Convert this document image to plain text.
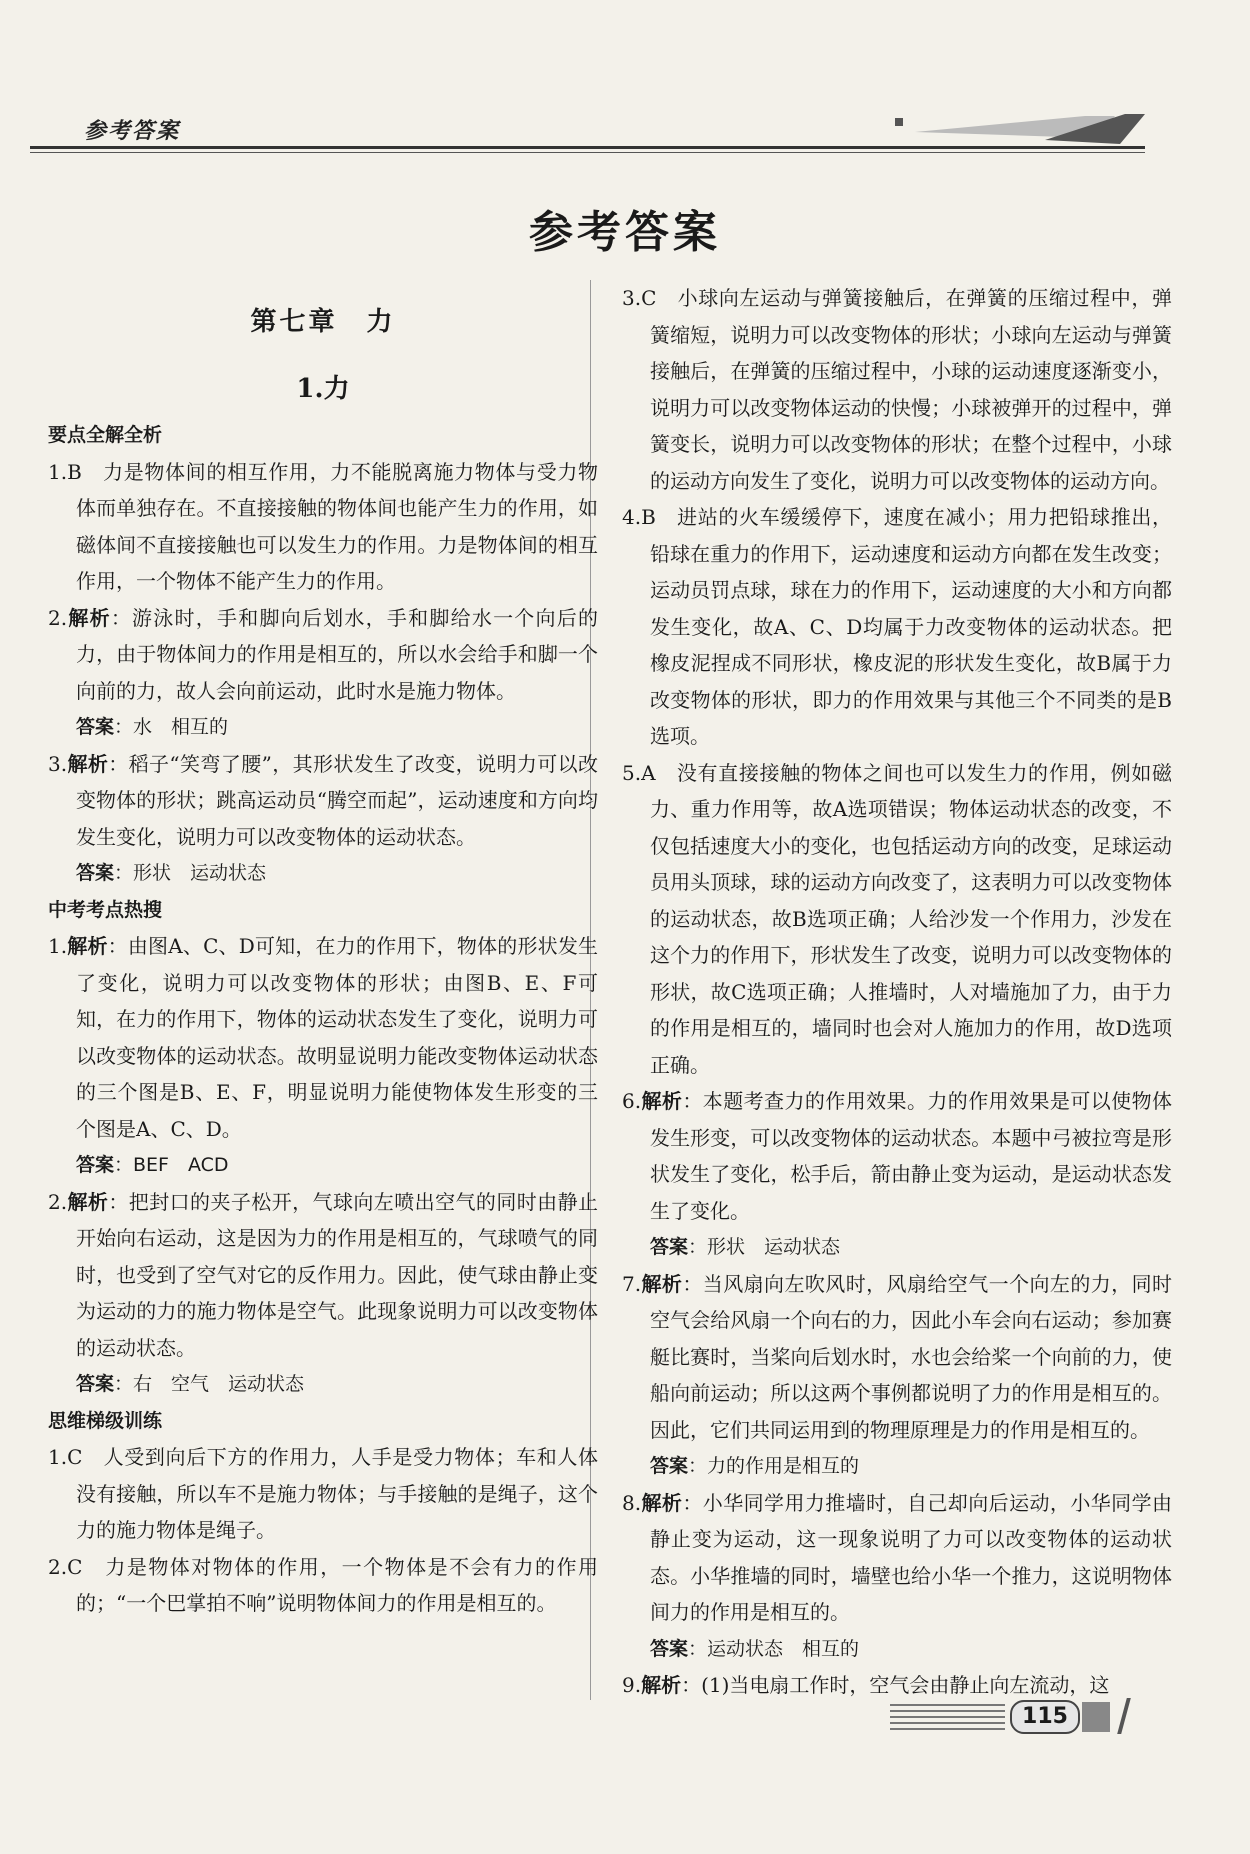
参考答案
参考答案
第七章　力
1.力
要点全解全析
1.B　力是物体间的相互作用，力不能脱离施力物体与受力物体而单独存在。不直接接触的物体间也能产生力的作用，如磁体间不直接接触也可以发生力的作用。力是物体间的相互作用，一个物体不能产生力的作用。
2.解析：游泳时，手和脚向后划水，手和脚给水一个向后的力，由于物体间力的作用是相互的，所以水会给手和脚一个向前的力，故人会向前运动，此时水是施力物体。
答案：水　相互的
3.解析：稻子“笑弯了腰”，其形状发生了改变，说明力可以改变物体的形状；跳高运动员“腾空而起”，运动速度和方向均发生变化，说明力可以改变物体的运动状态。
答案：形状　运动状态
中考考点热搜
1.解析：由图A、C、D可知，在力的作用下，物体的形状发生了变化，说明力可以改变物体的形状；由图B、E、F可知，在力的作用下，物体的运动状态发生了变化，说明力可以改变物体的运动状态。故明显说明力能改变物体运动状态的三个图是B、E、F，明显说明力能使物体发生形变的三个图是A、C、D。
答案：BEF　ACD
2.解析：把封口的夹子松开，气球向左喷出空气的同时由静止开始向右运动，这是因为力的作用是相互的，气球喷气的同时，也受到了空气对它的反作用力。因此，使气球由静止变为运动的力的施力物体是空气。此现象说明力可以改变物体的运动状态。
答案：右　空气　运动状态
思维梯级训练
1.C　人受到向后下方的作用力，人手是受力物体；车和人体没有接触，所以车不是施力物体；与手接触的是绳子，这个力的施力物体是绳子。
2.C　力是物体对物体的作用，一个物体是不会有力的作用的；“一个巴掌拍不响”说明物体间力的作用是相互的。
3.C　小球向左运动与弹簧接触后，在弹簧的压缩过程中，弹簧缩短，说明力可以改变物体的形状；小球向左运动与弹簧接触后，在弹簧的压缩过程中，小球的运动速度逐渐变小，说明力可以改变物体运动的快慢；小球被弹开的过程中，弹簧变长，说明力可以改变物体的形状；在整个过程中，小球的运动方向发生了变化，说明力可以改变物体的运动方向。
4.B　进站的火车缓缓停下，速度在减小；用力把铅球推出，铅球在重力的作用下，运动速度和运动方向都在发生改变；运动员罚点球，球在力的作用下，运动速度的大小和方向都发生变化，故A、C、D均属于力改变物体的运动状态。把橡皮泥捏成不同形状，橡皮泥的形状发生变化，故B属于力改变物体的形状，即力的作用效果与其他三个不同类的是B选项。
5.A　没有直接接触的物体之间也可以发生力的作用，例如磁力、重力作用等，故A选项错误；物体运动状态的改变，不仅包括速度大小的变化，也包括运动方向的改变，足球运动员用头顶球，球的运动方向改变了，这表明力可以改变物体的运动状态，故B选项正确；人给沙发一个作用力，沙发在这个力的作用下，形状发生了改变，说明力可以改变物体的形状，故C选项正确；人推墙时，人对墙施加了力，由于力的作用是相互的，墙同时也会对人施加力的作用，故D选项正确。
6.解析：本题考查力的作用效果。力的作用效果是可以使物体发生形变，可以改变物体的运动状态。本题中弓被拉弯是形状发生了变化，松手后，箭由静止变为运动，是运动状态发生了变化。
答案：形状　运动状态
7.解析：当风扇向左吹风时，风扇给空气一个向左的力，同时空气会给风扇一个向右的力，因此小车会向右运动；参加赛艇比赛时，当桨向后划水时，水也会给桨一个向前的力，使船向前运动；所以这两个事例都说明了力的作用是相互的。因此，它们共同运用到的物理原理是力的作用是相互的。
答案：力的作用是相互的
8.解析：小华同学用力推墙时，自己却向后运动，小华同学由静止变为运动，这一现象说明了力可以改变物体的运动状态。小华推墙的同时，墙壁也给小华一个推力，这说明物体间力的作用是相互的。
答案：运动状态　相互的
9.解析：(1)当电扇工作时，空气会由静止向左流动，这
115
